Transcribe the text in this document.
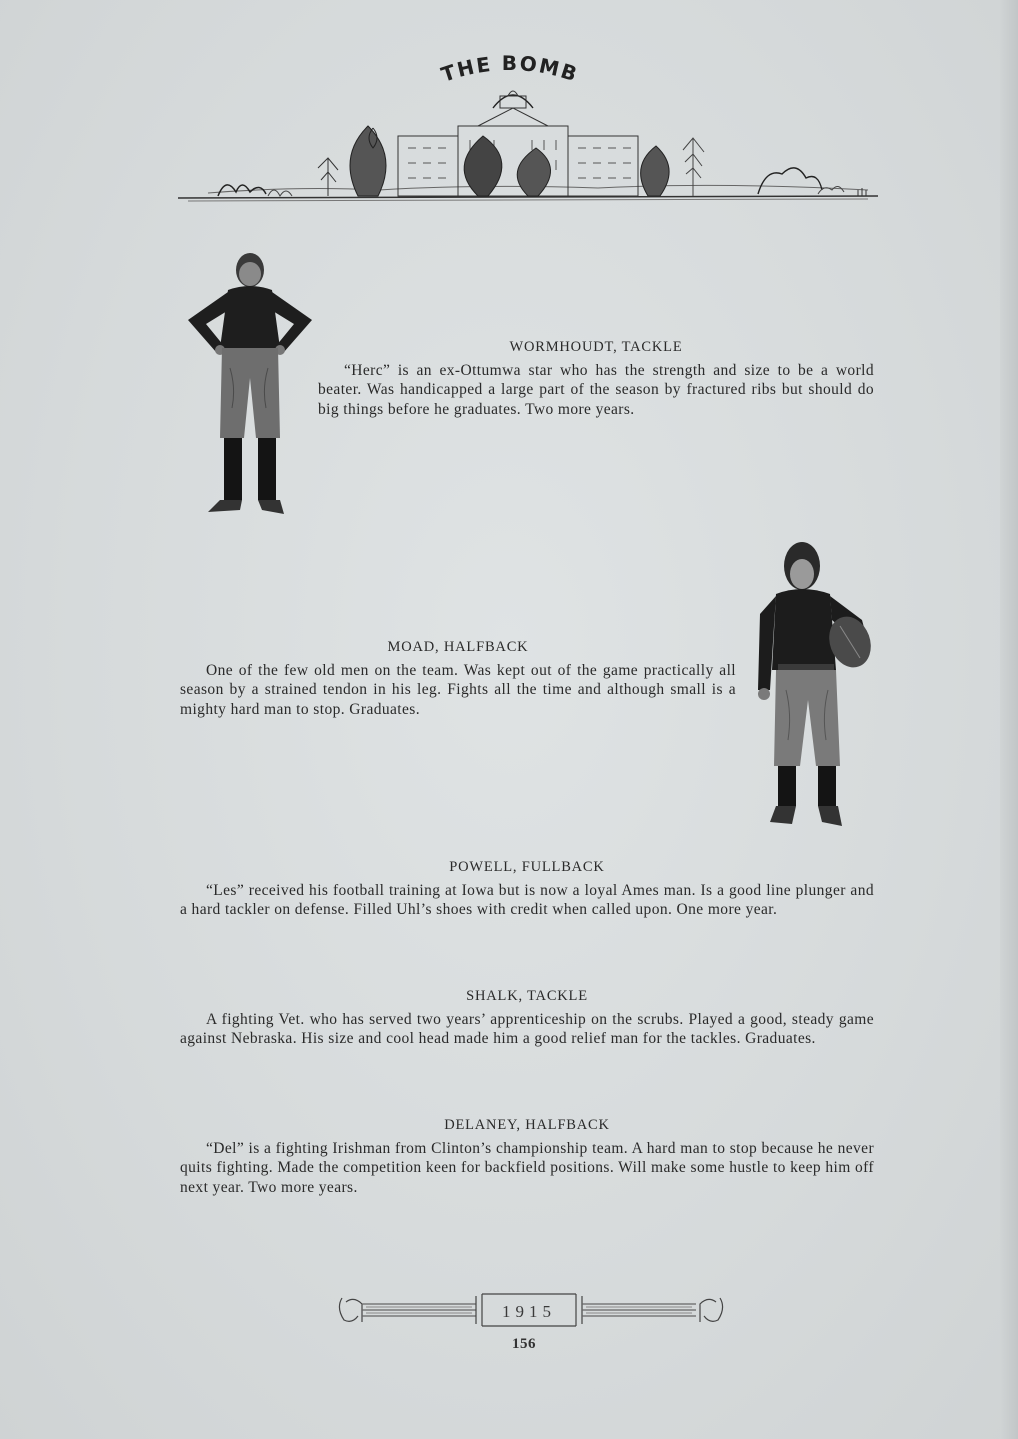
THE BOMB
WORMHOUDT, TACKLE
“Herc” is an ex-Ottumwa star who has the strength and size to be a world beater. Was handicapped a large part of the season by fractured ribs but should do big things before he graduates. Two more years.
MOAD, HALFBACK
One of the few old men on the team. Was kept out of the game practically all season by a strained tendon in his leg. Fights all the time and although small is a mighty hard man to stop. Graduates.
POWELL, FULLBACK
“Les” received his football training at Iowa but is now a loyal Ames man. Is a good line plunger and a hard tackler on defense. Filled Uhl’s shoes with credit when called upon. One more year.
SHALK, TACKLE
A fighting Vet. who has served two years’ apprenticeship on the scrubs. Played a good, steady game against Nebraska. His size and cool head made him a good relief man for the tackles. Graduates.
DELANEY, HALFBACK
“Del” is a fighting Irishman from Clinton’s championship team. A hard man to stop because he never quits fighting. Made the competition keen for backfield positions. Will make some hustle to keep him off next year. Two more years.
1915
156
